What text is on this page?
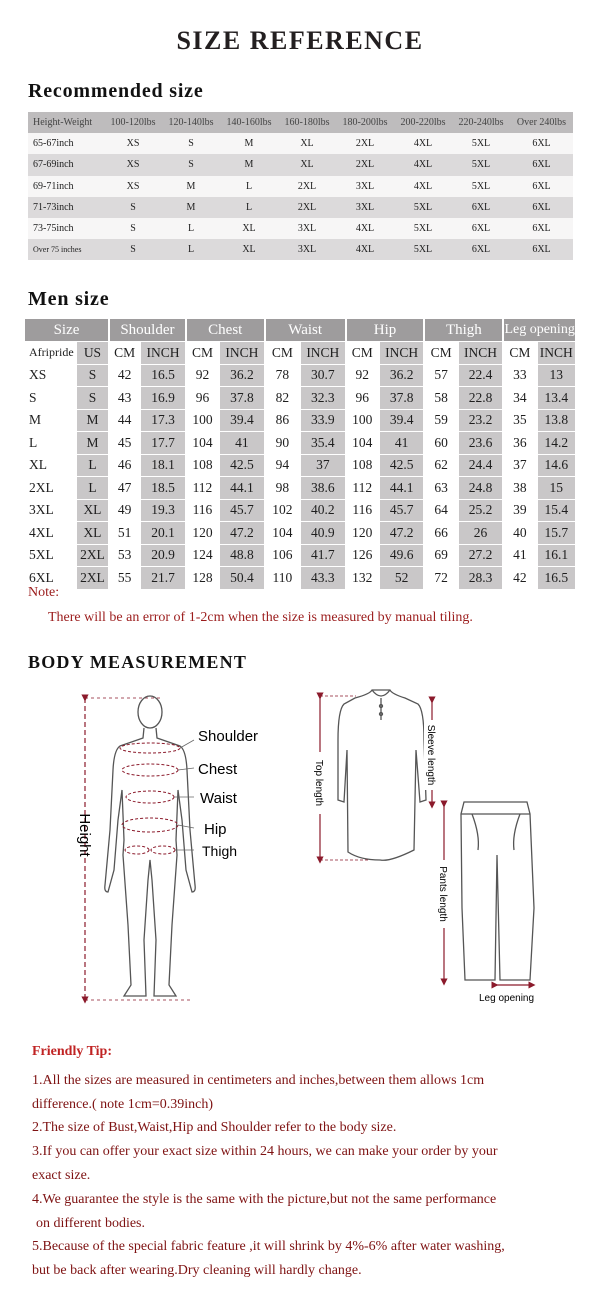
SIZE REFERENCE
Recommended size
Height-Weight	100-120lbs	120-140lbs	140-160lbs	160-180lbs	180-200lbs	200-220lbs	220-240lbs	Over 240lbs
65-67inch	XS	S	M	XL	2XL	4XL	5XL	6XL
67-69inch	XS	S	M	XL	2XL	4XL	5XL	6XL
69-71inch	XS	M	L	2XL	3XL	4XL	5XL	6XL
71-73inch	S	M	L	2XL	3XL	5XL	6XL	6XL
73-75inch	S	L	XL	3XL	4XL	5XL	6XL	6XL
Over 75 inches	S	L	XL	3XL	4XL	5XL	6XL	6XL
Men size
Size		Shoulder		Chest		Waist		Hip		Thigh		Leg opening	
Afripride	US	CM	INCH	CM	INCH	CM	INCH	CM	INCH	CM	INCH	CM	INCH
XS	S	42	16.5	92	36.2	78	30.7	92	36.2	57	22.4	33	13
S	S	43	16.9	96	37.8	82	32.3	96	37.8	58	22.8	34	13.4
M	M	44	17.3	100	39.4	86	33.9	100	39.4	59	23.2	35	13.8
L	M	45	17.7	104	41	90	35.4	104	41	60	23.6	36	14.2
XL	L	46	18.1	108	42.5	94	37	108	42.5	62	24.4	37	14.6
2XL	L	47	18.5	112	44.1	98	38.6	112	44.1	63	24.8	38	15
3XL	XL	49	19.3	116	45.7	102	40.2	116	45.7	64	25.2	39	15.4
4XL	XL	51	20.1	120	47.2	104	40.9	120	47.2	66	26	40	15.7
5XL	2XL	53	20.9	124	48.8	106	41.7	126	49.6	69	27.2	41	16.1
6XL	2XL	55	21.7	128	50.4	110	43.3	132	52	72	28.3	42	16.5
Note:
There will be an error of 1-2cm when the size is measured by manual tiling.
BODY MEASUREMENT
Height
Shoulder
Chest
Waist
Hip
Thigh
Top length	Sleeve length
Pants length
Leg opening
Friendly Tip:

1.All the sizes are measured in centimeters and inches,between them allows 1cm

difference.( note 1cm=0.39inch)

2.The size of Bust,Waist,Hip and Shoulder refer to the body size.

3.If you can offer your exact size within 24 hours, we can make your order by your

exact size.

4.We guarantee the style is the same with the picture,but not the same performance

on different bodies.

5.Because of the special fabric feature ,it will shrink by 4%-6% after water washing,

but be back after wearing.Dry cleaning will hardly change.
